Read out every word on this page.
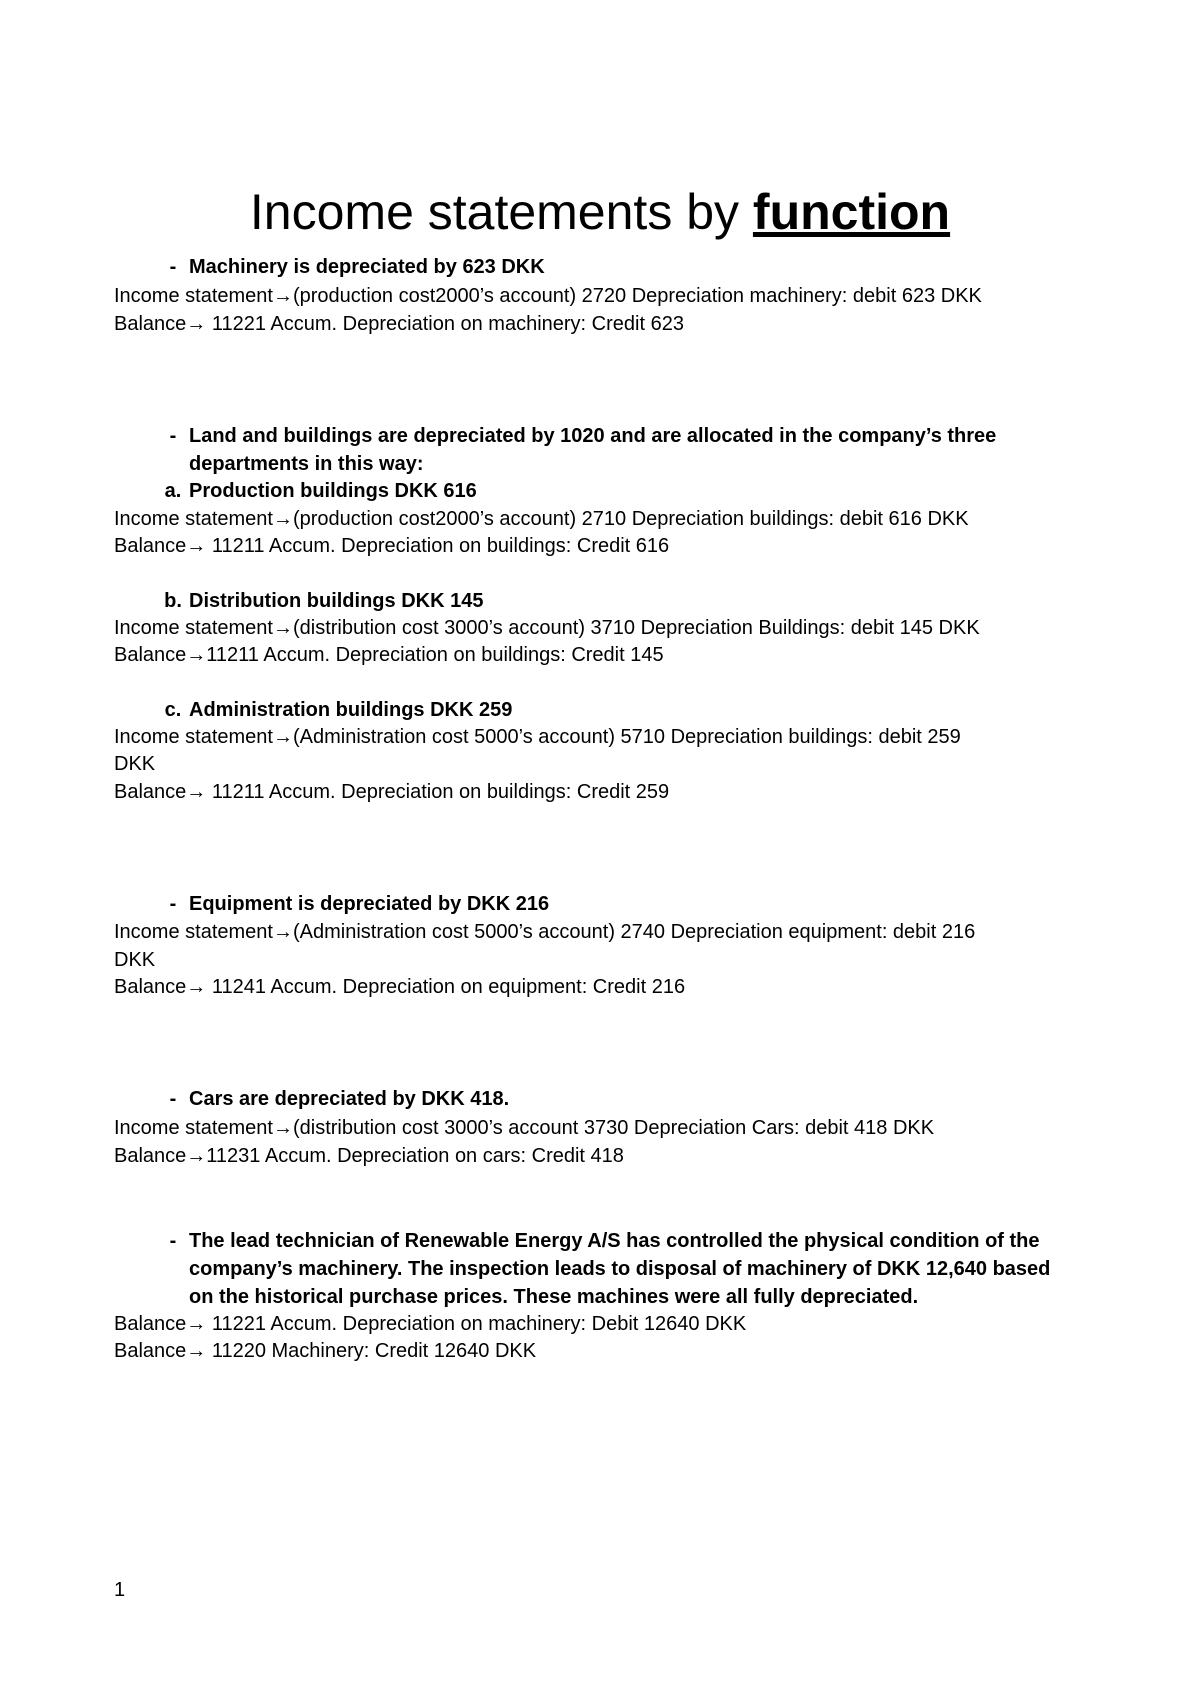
Income statements by function
- Machinery is depreciated by 623 DKK
Income statement→(production cost2000’s account) 2720 Depreciation machinery: debit 623 DKK
Balance→ 11221 Accum. Depreciation on machinery: Credit 623
- Land and buildings are depreciated by 1020 and are allocated in the company’s three
departments in this way:
a. Production buildings DKK 616
Income statement→(production cost2000’s account) 2710 Depreciation buildings: debit 616 DKK
Balance→ 11211 Accum. Depreciation on buildings: Credit 616
b. Distribution buildings DKK 145
Income statement→(distribution cost 3000’s account) 3710 Depreciation Buildings: debit 145 DKK
Balance→11211 Accum. Depreciation on buildings: Credit 145
c. Administration buildings DKK 259
Income statement→(Administration cost 5000’s account) 5710 Depreciation buildings: debit 259
DKK
Balance→ 11211 Accum. Depreciation on buildings: Credit 259
- Equipment is depreciated by DKK 216
Income statement→(Administration cost 5000’s account) 2740 Depreciation equipment: debit 216
DKK
Balance→ 11241 Accum. Depreciation on equipment: Credit 216
- Cars are depreciated by DKK 418.
Income statement→(distribution cost 3000’s account 3730 Depreciation Cars: debit 418 DKK
Balance→11231 Accum. Depreciation on cars: Credit 418
- The lead technician of Renewable Energy A/S has controlled the physical condition of the
company’s machinery. The inspection leads to disposal of machinery of DKK 12,640 based
on the historical purchase prices. These machines were all fully depreciated.
Balance→ 11221 Accum. Depreciation on machinery: Debit 12640 DKK
Balance→ 11220 Machinery: Credit 12640 DKK
1
